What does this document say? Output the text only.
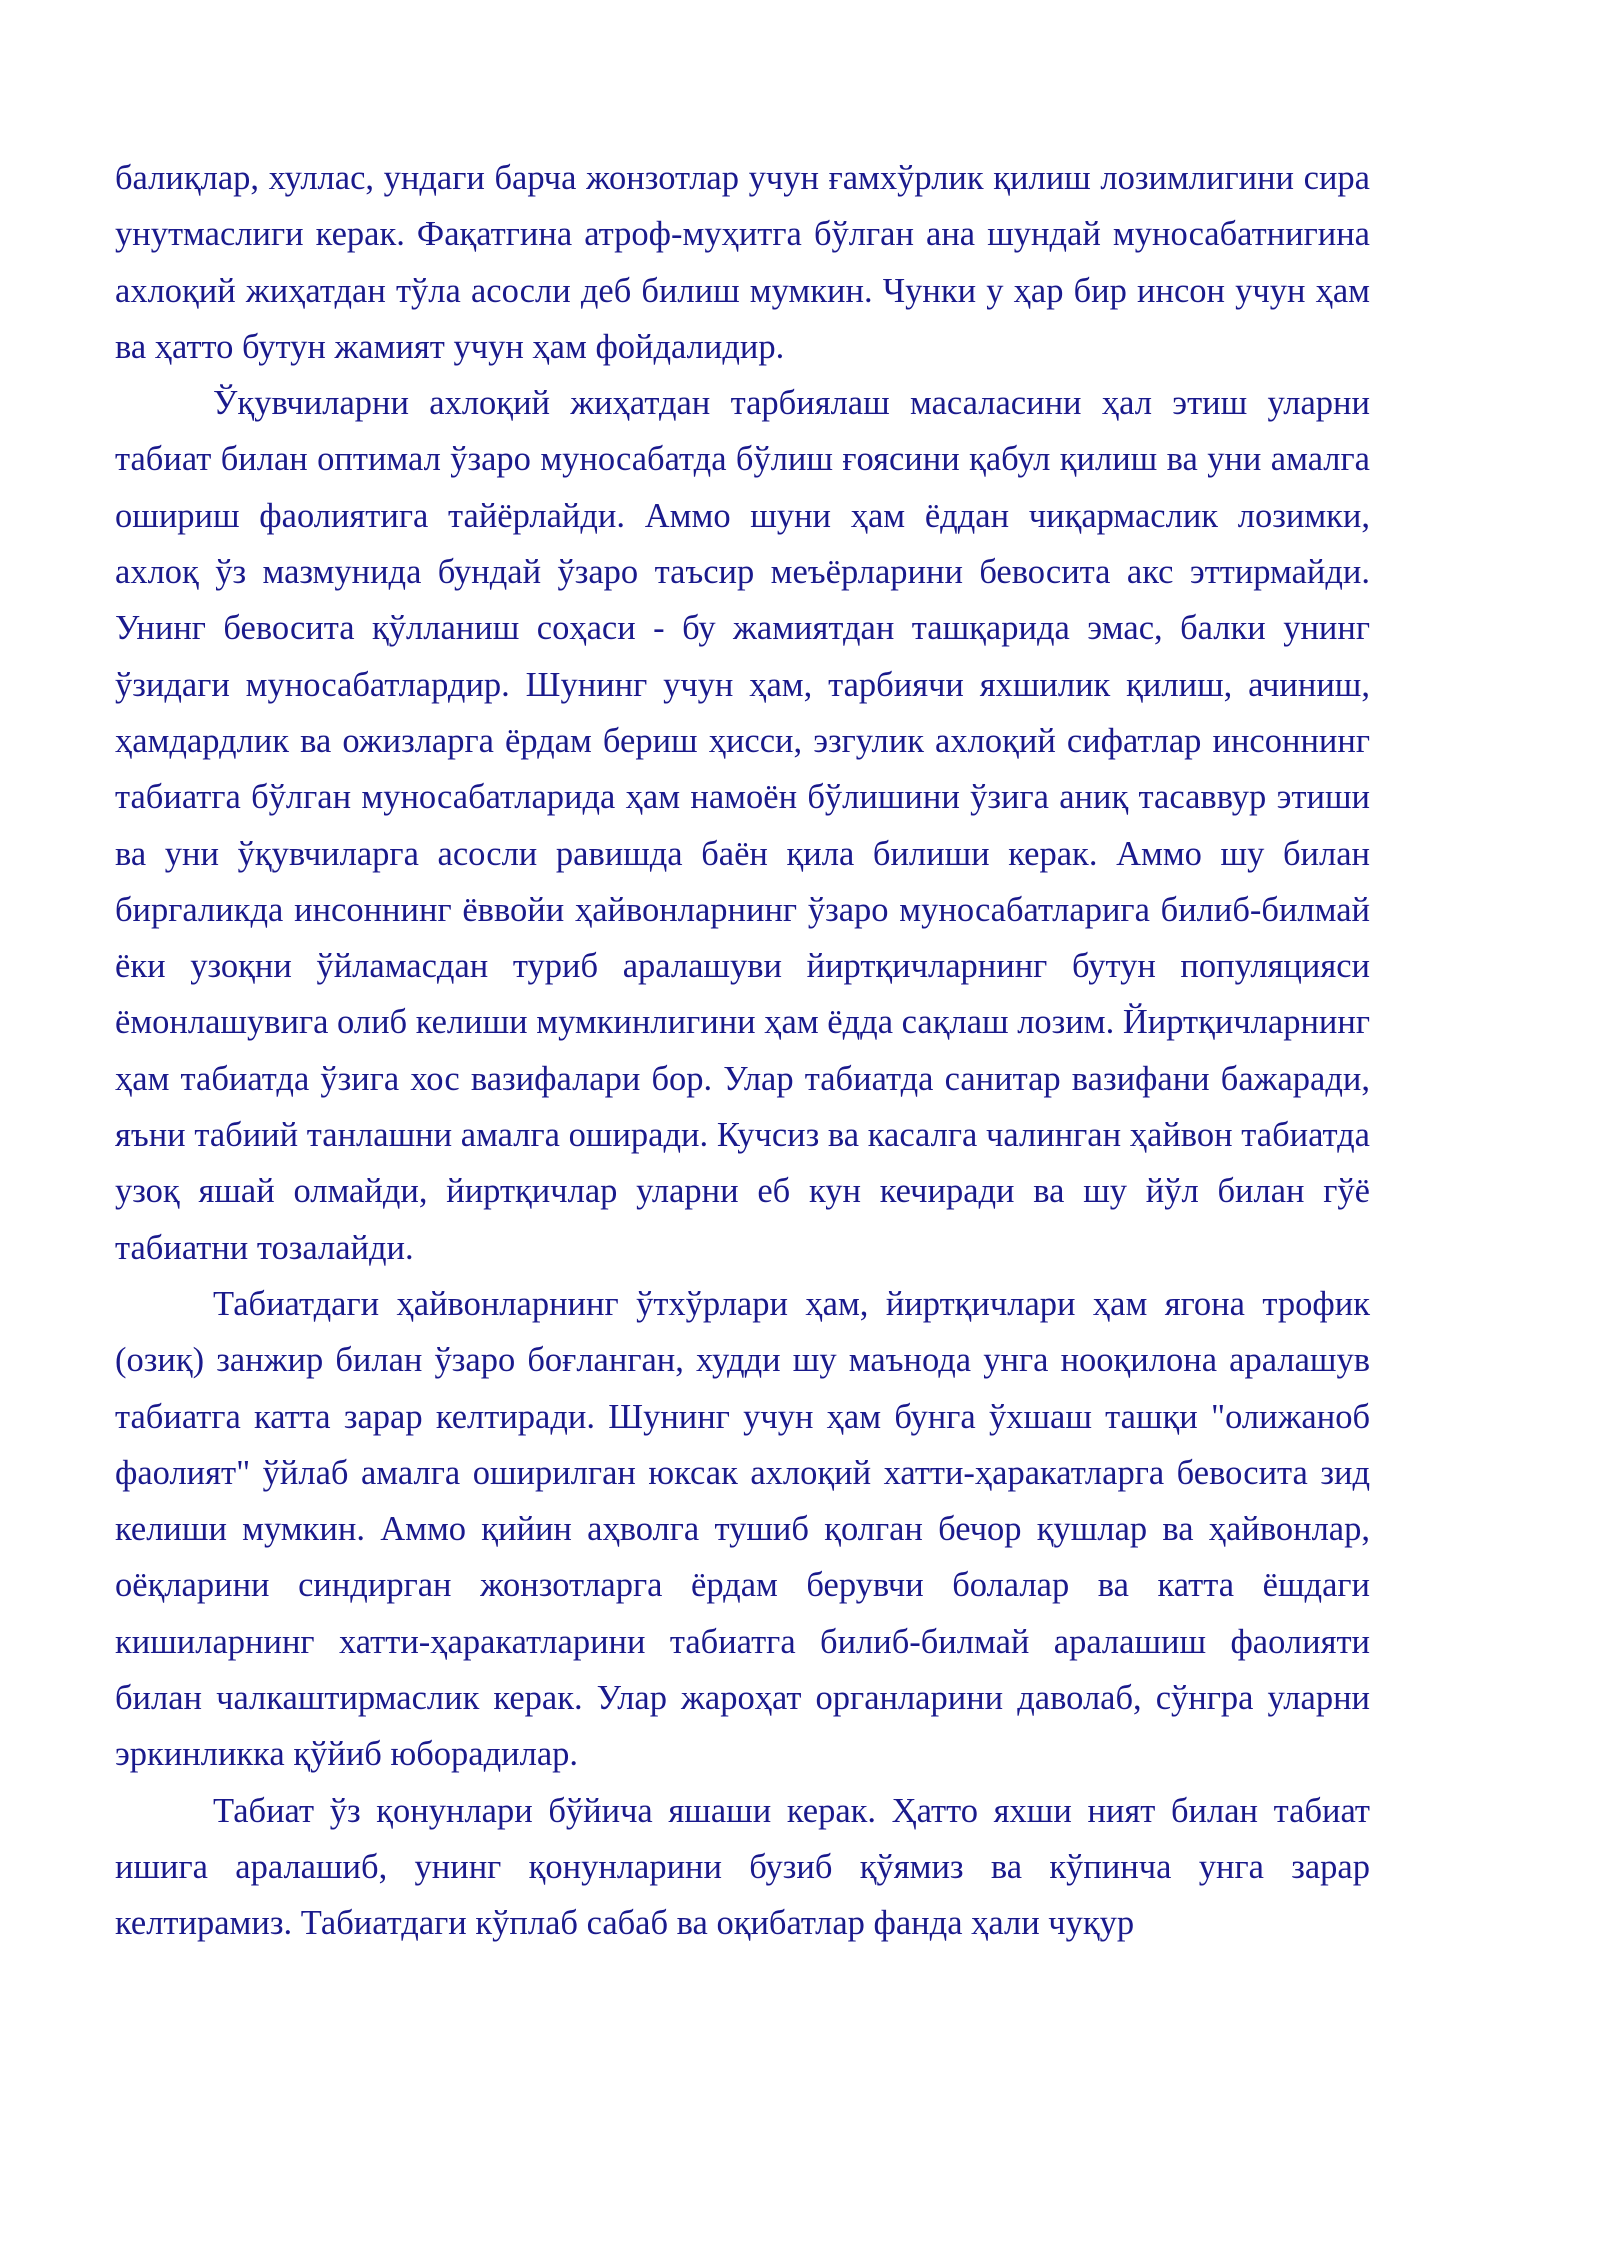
балиқлар, хуллас, ундаги барча жонзотлар учун ғамхўрлик қилиш лозимлигини сира унутмаслиги керак. Фақатгина атроф-муҳитга бўлган ана шундай муносабатнигина ахлоқий жиҳатдан тўла асосли деб билиш мумкин. Чунки у ҳар бир инсон учун ҳам ва ҳатто бутун жамият учун ҳам фойдалидир.

Ўқувчиларни ахлоқий жиҳатдан тарбиялаш масаласини ҳал этиш уларни табиат билан оптимал ўзаро муносабатда бўлиш ғоясини қабул қилиш ва уни амалга ошириш фаолиятига тайёрлайди. Аммо шуни ҳам ёддан чиқармаслик лозимки, ахлоқ ўз мазмунида бундай ўзаро таъсир меъёрларини бевосита акс эттирмайди. Унинг бевосита қўлланиш соҳаси - бу жамиятдан ташқарида эмас, балки унинг ўзидаги муносабатлардир. Шунинг учун ҳам, тарбиячи яхшилик қилиш, ачиниш, ҳамдардлик ва ожизларга ёрдам бериш ҳисси, эзгулик ахлоқий сифатлар инсоннинг табиатга бўлган муносабатларида ҳам намоён бўлишини ўзига аниқ тасаввур этиши ва уни ўқувчиларга асосли равишда баён қила билиши керак. Аммо шу билан биргаликда инсоннинг ёввойи ҳайвонларнинг ўзаро муносабатларига билиб-билмай ёки узоқни ўйламасдан туриб аралашуви йиртқичларнинг бутун популяцияси ёмонлашувига олиб келиши мумкинлигини ҳам ёдда сақлаш лозим. Йиртқичларнинг ҳам табиатда ўзига хос вазифалари бор. Улар табиатда санитар вазифани бажаради, яъни табиий танлашни амалга оширади. Кучсиз ва касалга чалинган ҳайвон табиатда узоқ яшай олмайди, йиртқичлар уларни еб кун кечиради ва шу йўл билан гўё табиатни тозалайди.

Табиатдаги ҳайвонларнинг ўтхўрлари ҳам, йиртқичлари ҳам ягона трофик (озиқ) занжир билан ўзаро боғланган, худди шу маънода унга нооқилона аралашув табиатга катта зарар келтиради. Шунинг учун ҳам бунга ўхшаш ташқи "олижаноб фаолият" ўйлаб амалга оширилган юксак ахлоқий хатти-ҳаракатларга бевосита зид келиши мумкин. Аммо қийин аҳволга тушиб қолган бечор қушлар ва ҳайвонлар, оёқларини синдирган жонзотларга ёрдам берувчи болалар ва катта ёшдаги кишиларнинг хатти-ҳаракатларини табиатга билиб-билмай аралашиш фаолияти билан чалкаштирмаслик керак. Улар жароҳат органларини даволаб, сўнгра уларни эркинликка қўйиб юборадилар.

Табиат ўз қонунлари бўйича яшаши керак. Ҳатто яхши ният билан табиат ишига аралашиб, унинг қонунларини бузиб қўямиз ва кўпинча унга зарар келтирамиз. Табиатдаги кўплаб сабаб ва оқибатлар фанда ҳали чуқур
